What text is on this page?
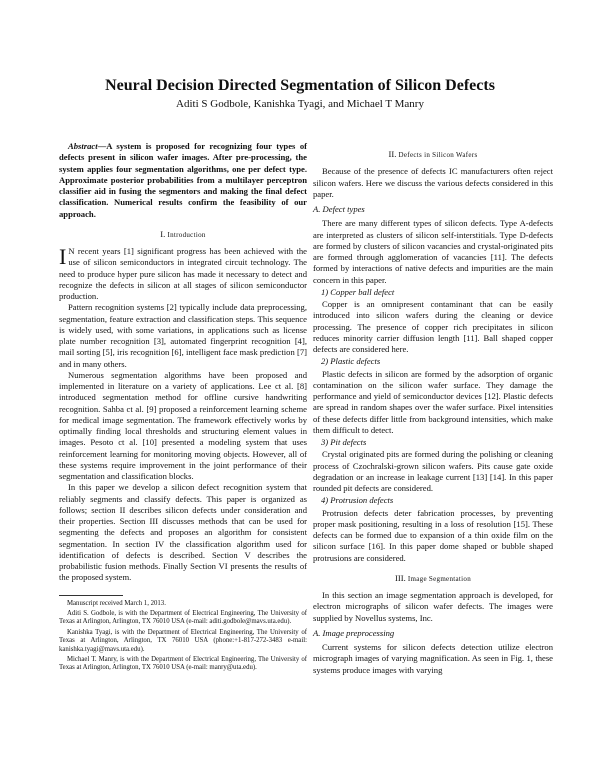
Neural Decision Directed Segmentation of Silicon Defects
Aditi S Godbole, Kanishka Tyagi, and Michael T Manry

Abstract—A system is proposed for recognizing four types of defects present in silicon wafer images. After pre-processing, the system applies four segmentation algorithms, one per defect type. Approximate posterior probabilities from a multilayer perceptron classifier aid in fusing the segmentors and making the final defect classification. Numerical results confirm the feasibility of our approach.

I. Introduction

I N recent years [1] significant progress has been achieved with the use of silicon semiconductors in integrated circuit technology. The need to produce hyper pure silicon has made it necessary to detect and recognize the defects in silicon at all stages of silicon semiconductor production.

Pattern recognition systems [2] typically include data preprocessing, segmentation, feature extraction and classification steps. This sequence is widely used, with some variations, in applications such as license plate number recognition [3], automated fingerprint recognition [4], mail sorting [5], iris recognition [6], intelligent face mask prediction [7] and in many others.

Numerous segmentation algorithms have been proposed and implemented in literature on a variety of applications. Lee ct al. [8] introduced segmentation method for offline cursive handwriting recognition. Sahba ct al. [9] proposed a reinforcement learning scheme for medical image segmentation. The framework effectively works by optimally finding local thresholds and structuring element values in images. Pesoto ct al. [10] presented a modeling system that uses reinforcement learning for monitoring moving objects. However, all of these systems require improvement in the joint performance of their segmentation and classification blocks.

In this paper we develop a silicon defect recognition system that reliably segments and classify defects. This paper is organized as follows; section II describes silicon defects under consideration and their properties. Section III discusses methods that can be used for segmenting the defects and proposes an algorithm for consistent segmentation. In section IV the classification algorithm used for identification of defects is described. Section V describes the probabilistic fusion methods. Finally Section VI presents the results of the proposed system.

Manuscript received March 1, 2013.

Aditi S. Godbole, is with the Department of Electrical Engineering, The University of Texas at Arlington, Arlington, TX 76010 USA (e-mail: aditi.godbole@mavs.uta.edu).

Kanishka Tyagi, is with the Department of Electrical Engineering, The University of Texas at Arlington, Arlington, TX 76010 USA (phone:+1-817-272-3483 e-mail: kanishka.tyagi@mavs.uta.edu).

Michael T. Manry, is with the Department of Electrical Engineering, The University of Texas at Arlington, Arlington, TX 76010 USA (e-mail: manry@uta.edu).

II. Defects in Silicon Wafers

Because of the presence of defects IC manufacturers often reject silicon wafers. Here we discuss the various defects considered in this paper.

A. Defect types

There are many different types of silicon defects. Type A-defects are interpreted as clusters of silicon self-interstitials. Type D-defects are formed by clusters of silicon vacancies and crystal-originated pits are formed through agglomeration of vacancies [11]. The defects formed by interactions of native defects and impurities are the main concern in this paper.

1) Copper ball defect

Copper is an omnipresent contaminant that can be easily introduced into silicon wafers during the cleaning or device processing. The presence of copper rich precipitates in silicon reduces minority carrier diffusion length [11]. Ball shaped copper defects are considered here.

2) Plastic defects

Plastic defects in silicon are formed by the adsorption of organic contamination on the silicon wafer surface. They damage the performance and yield of semiconductor devices [12]. Plastic defects are spread in random shapes over the wafer surface. Pixel intensities of these defects differ little from background intensities, which make them difficult to detect.

3) Pit defects

Crystal originated pits are formed during the polishing or cleaning process of Czochralski-grown silicon wafers. Pits cause gate oxide degradation or an increase in leakage current [13] [14]. In this paper rounded pit defects are considered.

4) Protrusion defects

Protrusion defects deter fabrication processes, by preventing proper mask positioning, resulting in a loss of resolution [15]. These defects can be formed due to expansion of a thin oxide film on the silicon surface [16]. In this paper dome shaped or bubble shaped protrusions are considered.

III. Image Segmentation

In this section an image segmentation approach is developed, for electron micrographs of silicon wafer defects. The images were supplied by Novellus systems, Inc.

A. Image preprocessing

Current systems for silicon defects detection utilize electron micrograph images of varying magnification. As seen in Fig. 1, these systems produce images with varying
